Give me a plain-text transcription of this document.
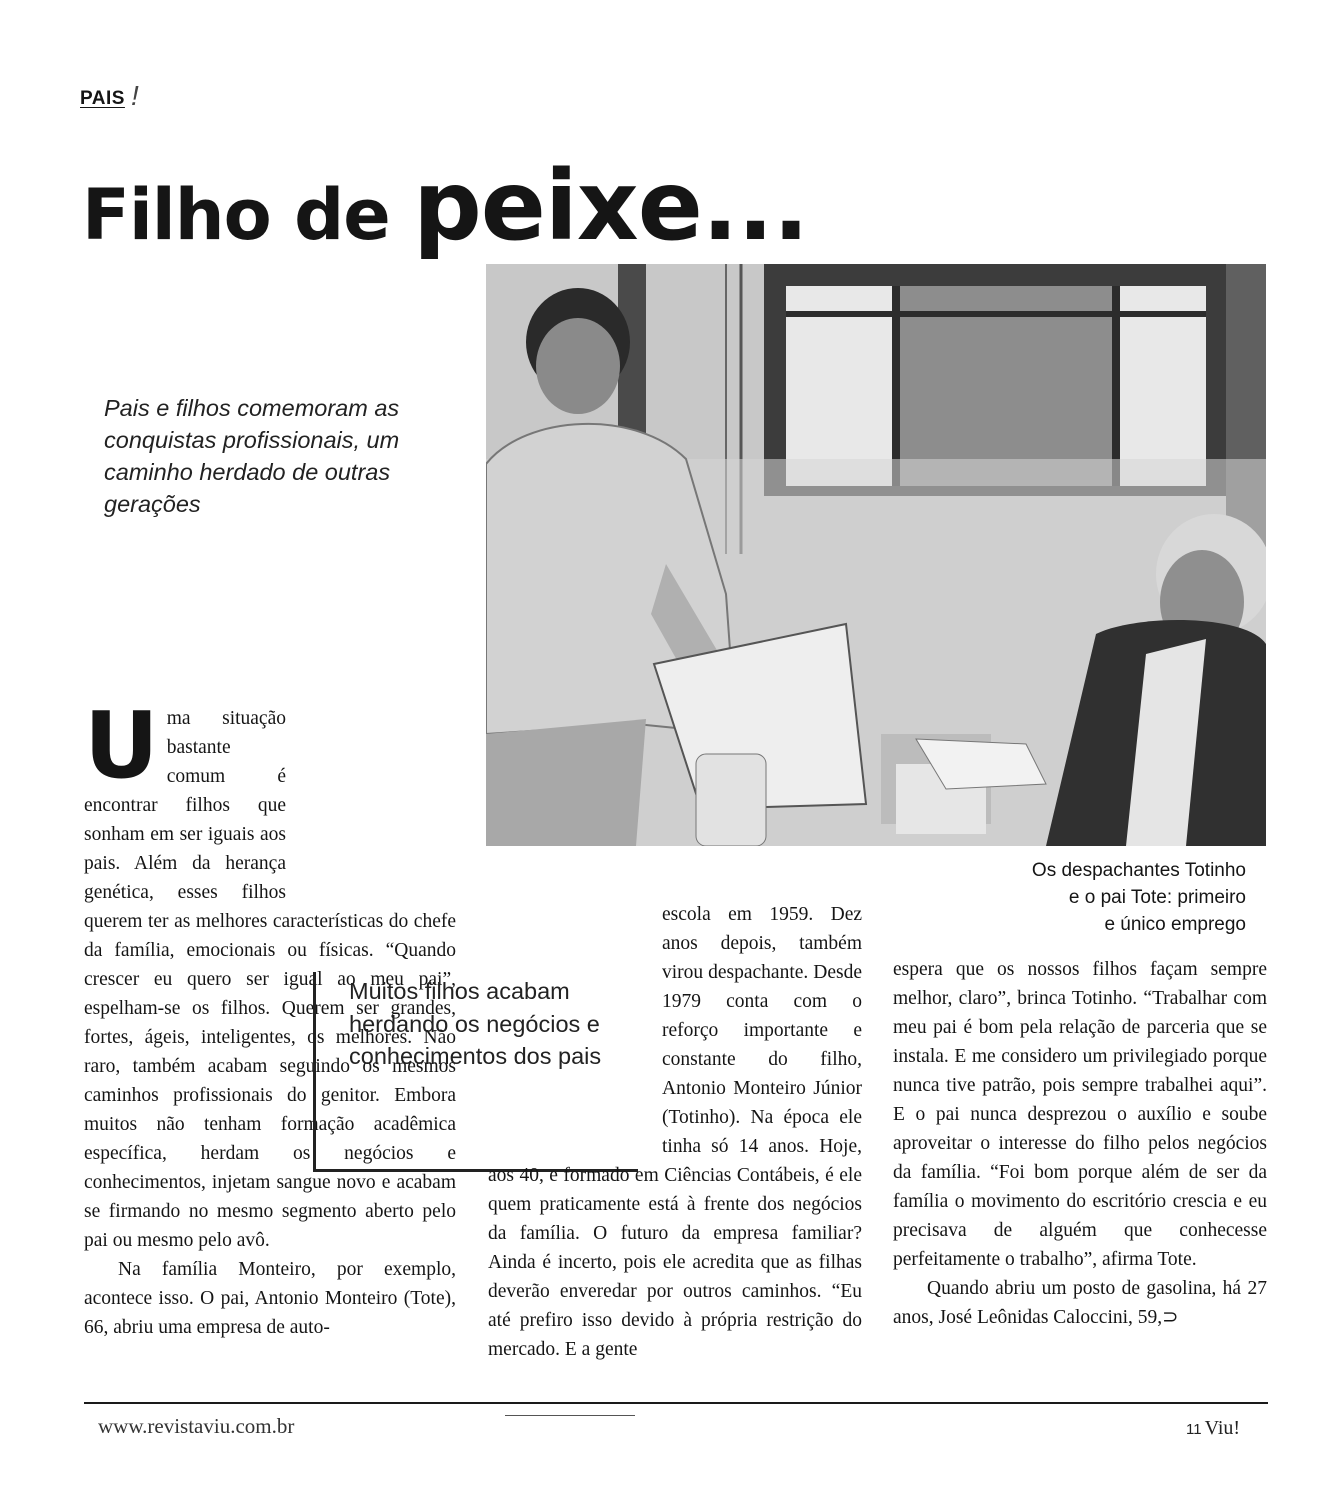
PAIS !
Filho de peixe...
Pais e filhos comemoram as conquistas profissionais, um caminho herdado de outras gerações
Os despachantes Totinho
e o pai Tote: primeiro
e único emprego

Uma situação bastante comum é encontrar filhos que sonham em ser iguais aos pais. Além da herança genética, esses filhos querem ter as melhores características do chefe da família, emocionais ou físicas. “Quando crescer eu quero ser igual ao meu pai”, espelham-se os filhos. Querem ser grandes, fortes, ágeis, inteligentes, os melhores. Não raro, também acabam seguindo os mesmos caminhos profissionais do genitor. Embora muitos não tenham formação acadêmica específica, herdam os negócios e conhecimentos, injetam sangue novo e acabam se firmando no mesmo segmento aberto pelo pai ou mesmo pelo avô.

Na família Monteiro, por exemplo, acontece isso. O pai, Antonio Monteiro (Tote), 66, abriu uma empresa de auto-

Muitos filhos acabam herdando os negócios e conhecimentos dos pais

escola em 1959. Dez anos depois, também virou despachante. Desde 1979 conta com o reforço importante e constante do filho, Antonio Monteiro Júnior (Totinho). Na época ele tinha só 14 anos. Hoje, aos 40, e formado em Ciências Contábeis, é ele quem praticamente está à frente dos negócios da família. O futuro da empresa familiar? Ainda é incerto, pois ele acredita que as filhas deverão enveredar por outros caminhos. “Eu até prefiro isso devido à própria restrição do mercado. E a gente

espera que os nossos filhos façam sempre melhor, claro”, brinca Totinho. “Trabalhar com meu pai é bom pela relação de parceria que se instala. E me considero um privilegiado porque nunca tive patrão, pois sempre trabalhei aqui”. E o pai nunca desprezou o auxílio e soube aproveitar o interesse do filho pelos negócios da família. “Foi bom porque além de ser da família o movimento do escritório crescia e eu precisava de alguém que conhecesse perfeitamente o trabalho”, afirma Tote.

Quando abriu um posto de gasolina, há 27 anos, José Leônidas Caloccini, 59,⊃

www.revistaviu.com.br	11 Viu!
